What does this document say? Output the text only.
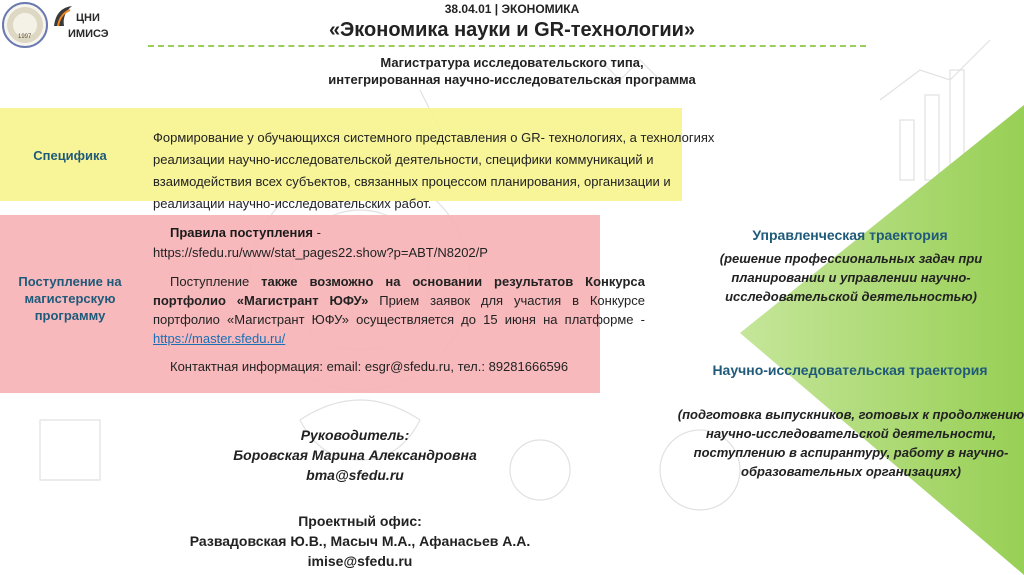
1997
ЦНИ
ИМИСЭ
38.04.01 | ЭКОНОМИКА
«Экономика науки и GR-технологии»
Магистратура исследовательского типа,
интегрированная научно-исследовательская программа
Специфика
Формирование у обучающихся системного представления о GR- технологиях, а технологиях реализации научно-исследовательской деятельности, специфики коммуникаций и взаимодействия всех субъектов, связанных процессом планирования, организации и реализации научно-исследовательских работ.
Поступление на магистерскую программу
Правила поступления -
https://sfedu.ru/www/stat_pages22.show?p=ABT/N8202/P
Поступление также возможно на основании результатов Конкурса портфолио «Магистрант ЮФУ» Прием заявок для участия в Конкурсе портфолио «Магистрант ЮФУ» осуществляется до 15 июня на платформе - https://master.sfedu.ru/
Контактная информация: email: esgr@sfedu.ru, тел.: 89281666596
Руководитель:
Боровская Марина Александровна
bma@sfedu.ru
Проектный офис:
Развадовская Ю.В., Масыч М.А., Афанасьев А.А.
imise@sfedu.ru
Управленческая траектория
(решение профессиональных задач при планировании и управлении научно-исследовательской деятельностью)
Научно-исследовательская траектория
(подготовка выпускников, готовых к продолжению научно-исследовательской деятельности, поступлению в аспирантуру, работу в научно-образовательных организациях)
